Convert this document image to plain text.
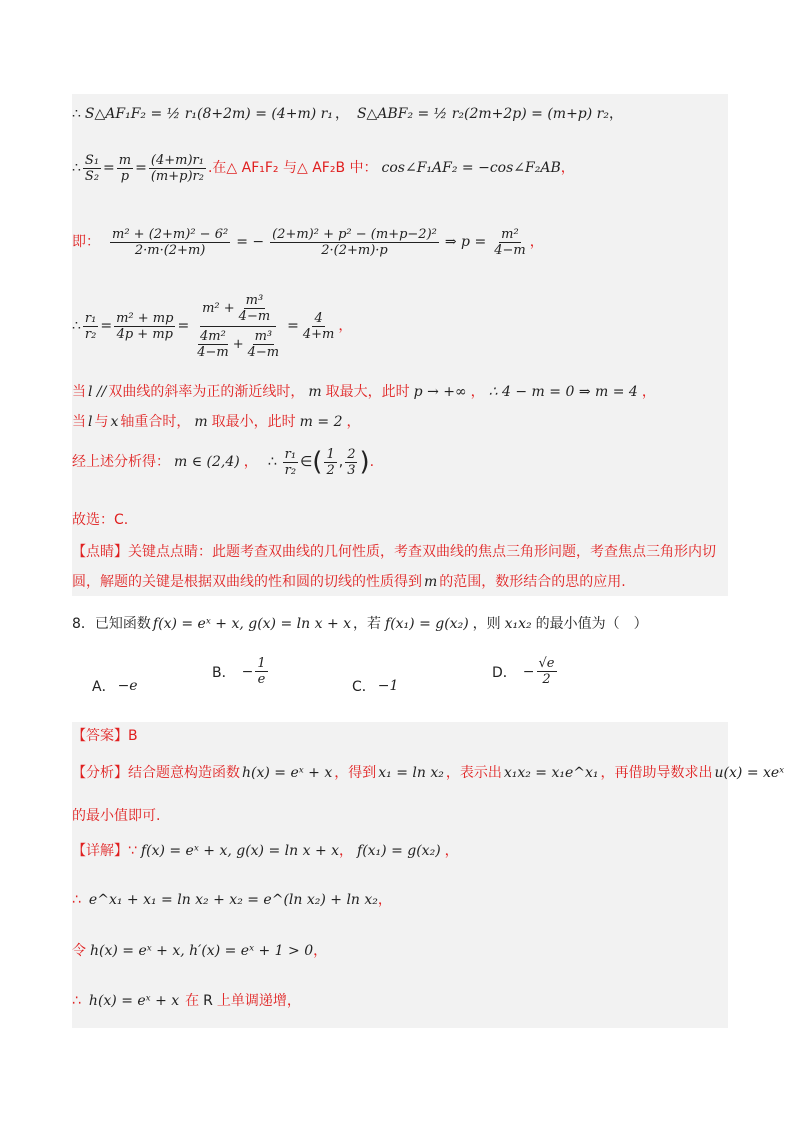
∴ S△AF₁F₂ = ½ r₁(8+2m) = (4+m) r₁ ， S△ABF₂ = ½ r₂(2m+2p) = (m+p) r₂ ，
∴ $\frac{\text{S₁}}{\text{S₂}} = \frac{m}{p} = \frac{\text{(4+m)r₁}}{\text{(m+p)r₂}}$ .在△ AF₁F₂ 与△ AF₂B 中： cos∠F₁AF₂ = −cos∠F₂AB ，
即： $\frac{\text{m² + (2+m)² − 6²}}{2\cdot m\cdot(2+m)}$ = − $\frac{\text{(2+m)² + p² − (m+p−2)²}}{2\cdot(2+m)\cdot p}$ ⇒ $p = \frac{\text{m²}}{4-m}$ ，
∴ $\frac{\text{r₁}}{\text{r₂}} = \frac{\text{m² + mp}}{4p + mp} = \frac{m^2 + \frac{\text{m³}}{4-m}}{\frac{\text{4m²}}{4-m} + \frac{\text{m³}}{4-m}} = \frac{4}{4+m}$ ，
当 l // 双曲线的斜率为正的渐近线时， m 取最大，此时 p → +∞ ， ∴ 4 − m = 0 ⇒ m = 4 ，
当 l 与 x 轴重合时， m 取最小，此时 m = 2 ，
经上述分析得： m ∈ (2,4) ， ∴ $\frac{\text{r₁}}{\text{r₂}}$ ∈ ( $\frac{1}{2}$ , $\frac{2}{3}$ ) .
故选：C.
【点睛】 关键点点睛：此题考查双曲线的几何性质，考查双曲线的焦点三角形问题，考查焦点三角形内切
圆，解题的关键是根据双曲线的性和圆的切线的性质得到 m 的范围，数形结合的思的应用.
8．已知函数 f(x) = eˣ + x, g(x) = ln x + x ，若 f(x₁) = g(x₂) ，则 x₁x₂ 的最小值为（　）
A． −e
B． − $\frac{1}{e}$	C． −1
D． − $\frac{√e}{2}$
【答案】 B
【分析】 结合题意构造函数 h(x) = eˣ + x ，得到 x₁ = ln x₂ ，表示出 x₁x₂ = x₁e^x₁ ，再借助导数求出 u(x) = xeˣ
的最小值即可.
【详解】 ∵ f(x) = eˣ + x, g(x) = ln x + x ， f(x₁) = g(x₂) ，
∴ e^x₁ + x₁ = ln x₂ + x₂ = e^(ln x₂) + ln x₂ ，
令 h(x) = eˣ + x, h′(x) = eˣ + 1 > 0 ，
∴ h(x) = eˣ + x 在 R 上单调递增，
